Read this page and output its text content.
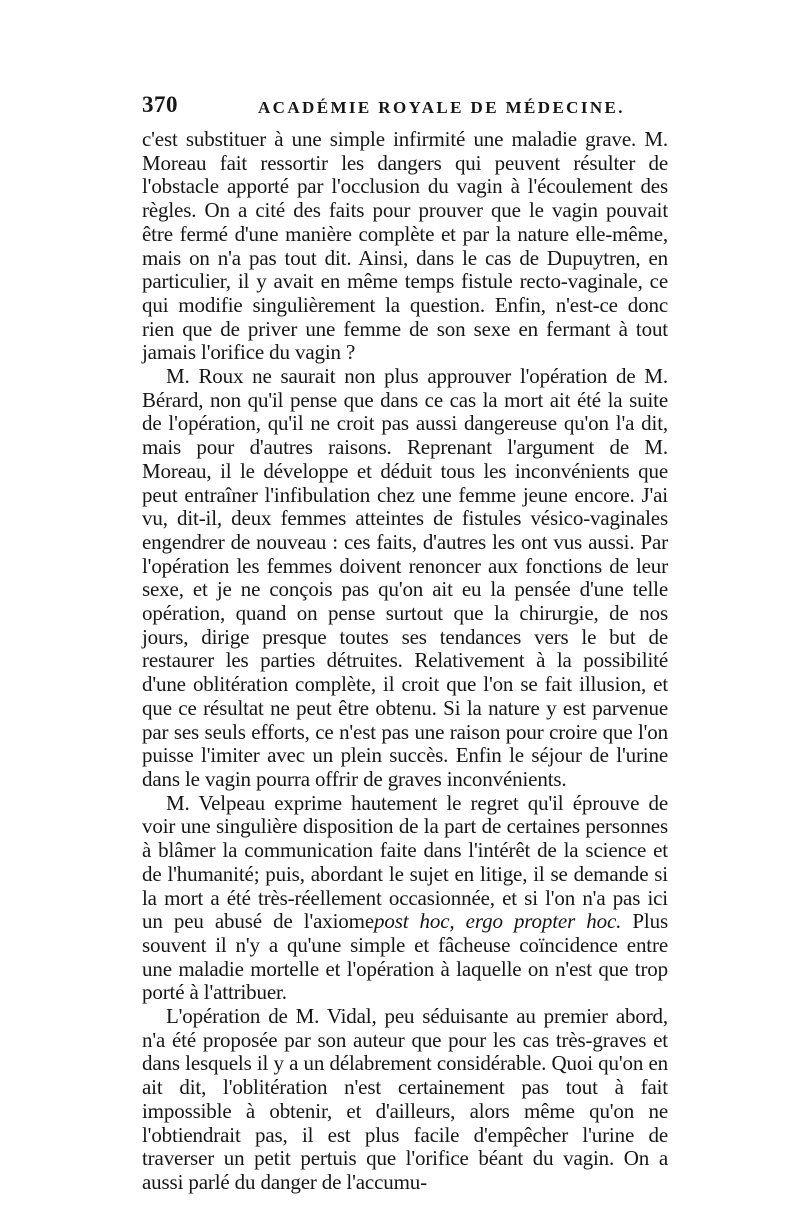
370	ACADÉMIE ROYALE DE MÉDECINE.

c'est substituer à une simple infirmité une maladie grave. M. Moreau fait ressortir les dangers qui peuvent résulter de l'obstacle apporté par l'occlusion du vagin à l'écoulement des règles. On a cité des faits pour prouver que le vagin pouvait être fermé d'une manière complète et par la nature elle-même, mais on n'a pas tout dit. Ainsi, dans le cas de Dupuytren, en particulier, il y avait en même temps fistule recto-vaginale, ce qui modifie singulièrement la question. Enfin, n'est-ce donc rien que de priver une femme de son sexe en fermant à tout jamais l'orifice du vagin ?

M. Roux ne saurait non plus approuver l'opération de M. Bérard, non qu'il pense que dans ce cas la mort ait été la suite de l'opération, qu'il ne croit pas aussi dangereuse qu'on l'a dit, mais pour d'autres raisons. Reprenant l'argument de M. Moreau, il le développe et déduit tous les inconvénients que peut entraîner l'infibulation chez une femme jeune encore. J'ai vu, dit-il, deux femmes atteintes de fistules vésico-vaginales engendrer de nouveau : ces faits, d'autres les ont vus aussi. Par l'opération les femmes doivent renoncer aux fonctions de leur sexe, et je ne conçois pas qu'on ait eu la pensée d'une telle opération, quand on pense surtout que la chirurgie, de nos jours, dirige presque toutes ses tendances vers le but de restaurer les parties détruites. Relativement à la possibilité d'une oblitération complète, il croit que l'on se fait illusion, et que ce résultat ne peut être obtenu. Si la nature y est parvenue par ses seuls efforts, ce n'est pas une raison pour croire que l'on puisse l'imiter avec un plein succès. Enfin le séjour de l'urine dans le vagin pourra offrir de graves inconvénients.

M. Velpeau exprime hautement le regret qu'il éprouve de voir une singulière disposition de la part de certaines personnes à blâmer la communication faite dans l'intérêt de la science et de l'humanité; puis, abordant le sujet en litige, il se demande si la mort a été très-réellement occasionnée, et si l'on n'a pas ici un peu abusé de l'axiomepost hoc, ergo propter hoc. Plus souvent il n'y a qu'une simple et fâcheuse coïncidence entre une maladie mortelle et l'opération à laquelle on n'est que trop porté à l'attribuer.

L'opération de M. Vidal, peu séduisante au premier abord, n'a été proposée par son auteur que pour les cas très-graves et dans lesquels il y a un délabrement considérable. Quoi qu'on en ait dit, l'oblitération n'est certainement pas tout à fait impossible à obtenir, et d'ailleurs, alors même qu'on ne l'obtiendrait pas, il est plus facile d'empêcher l'urine de traverser un petit pertuis que l'orifice béant du vagin. On a aussi parlé du danger de l'accumu-
